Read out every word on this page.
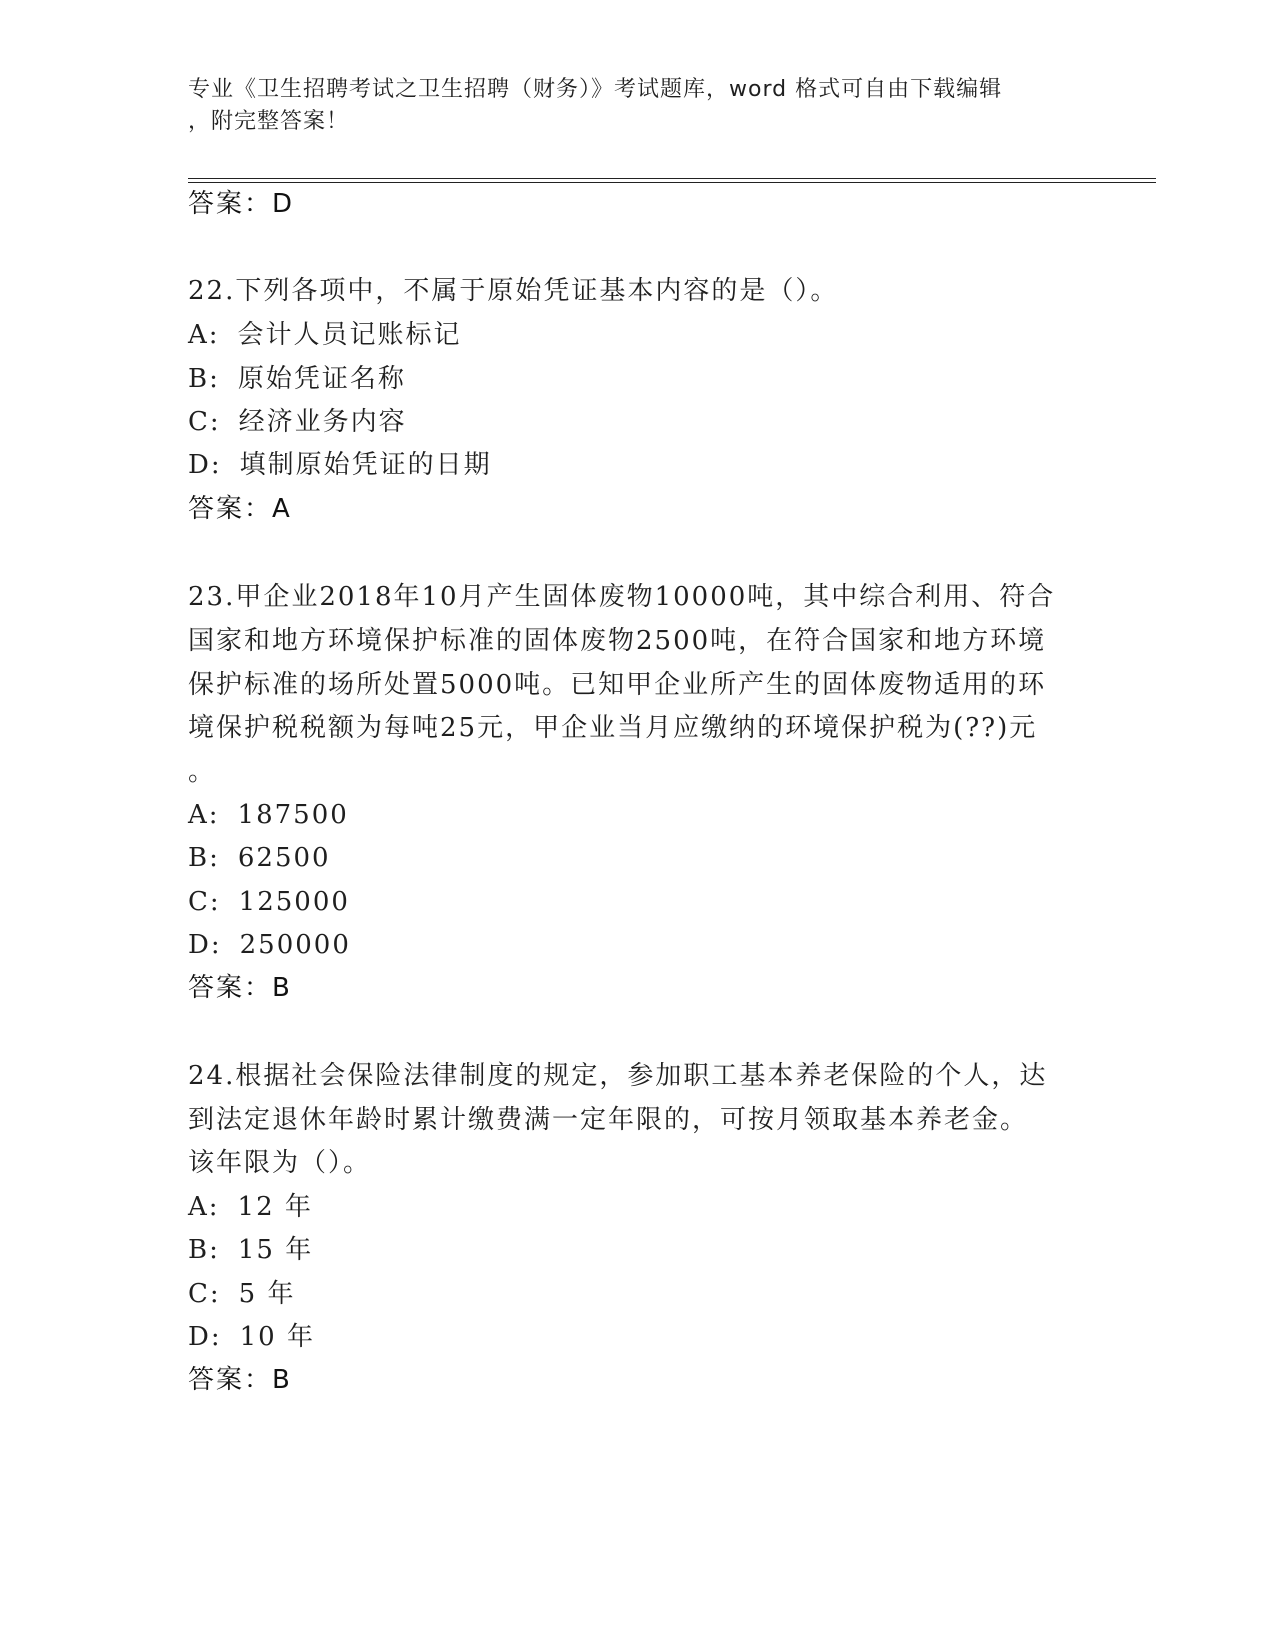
专业《卫生招聘考试之卫生招聘（财务）》考试题库，word 格式可自由下载编辑
，附完整答案！
答案：D
22.下列各项中，不属于原始凭证基本内容的是（）。
A: 会计人员记账标记
B: 原始凭证名称
C: 经济业务内容
D: 填制原始凭证的日期
答案：A
23.甲企业2018年10月产生固体废物10000吨，其中综合利用、符合
国家和地方环境保护标准的固体废物2500吨，在符合国家和地方环境
保护标准的场所处置5000吨。已知甲企业所产生的固体废物适用的环
境保护税税额为每吨25元，甲企业当月应缴纳的环境保护税为(??)元
。
A: 187500
B: 62500
C: 125000
D: 250000
答案：B
24.根据社会保险法律制度的规定，参加职工基本养老保险的个人，达
到法定退休年龄时累计缴费满一定年限的，可按月领取基本养老金。
该年限为（）。
A: 12 年
B: 15 年
C: 5 年
D: 10 年
答案：B
